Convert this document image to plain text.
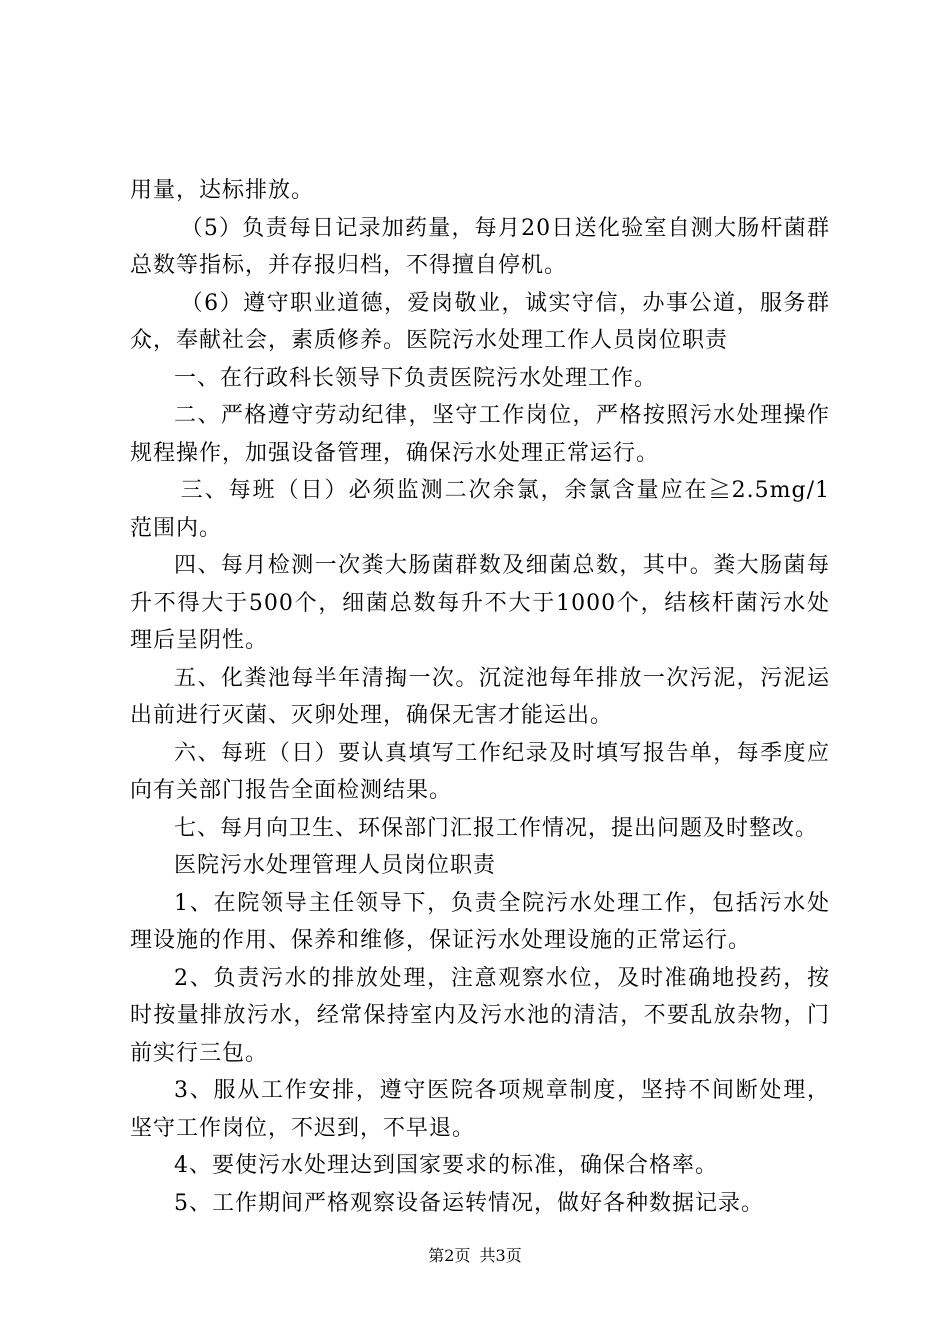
用量，达标排放。

（5）负责每日记录加药量，每月20日送化验室自测大肠杆菌群总数等指标，并存报归档，不得擅自停机。

（6）遵守职业道德，爱岗敬业，诚实守信，办事公道，服务群众，奉献社会，素质修养。医院污水处理工作人员岗位职责

一、在行政科长领导下负责医院污水处理工作。

二、严格遵守劳动纪律，坚守工作岗位，严格按照污水处理操作规程操作，加强设备管理，确保污水处理正常运行。

三、每班（日）必须监测二次余氯，余氯含量应在≧2.5mg/1范围内。

四、每月检测一次粪大肠菌群数及细菌总数，其中。粪大肠菌每升不得大于500个，细菌总数每升不大于1000个，结核杆菌污水处理后呈阴性。

五、化粪池每半年清掏一次。沉淀池每年排放一次污泥，污泥运出前进行灭菌、灭卵处理，确保无害才能运出。

六、每班（日）要认真填写工作纪录及时填写报告单，每季度应向有关部门报告全面检测结果。

七、每月向卫生、环保部门汇报工作情况，提出问题及时整改。

医院污水处理管理人员岗位职责

1、在院领导主任领导下，负责全院污水处理工作，包括污水处理设施的作用、保养和维修，保证污水处理设施的正常运行。

2、负责污水的排放处理，注意观察水位，及时准确地投药，按时按量排放污水，经常保持室内及污水池的清洁，不要乱放杂物，门前实行三包。

3、服从工作安排，遵守医院各项规章制度，坚持不间断处理，坚守工作岗位，不迟到，不早退。

4、要使污水处理达到国家要求的标准，确保合格率。

5、工作期间严格观察设备运转情况，做好各种数据记录。

第2页 共3页
